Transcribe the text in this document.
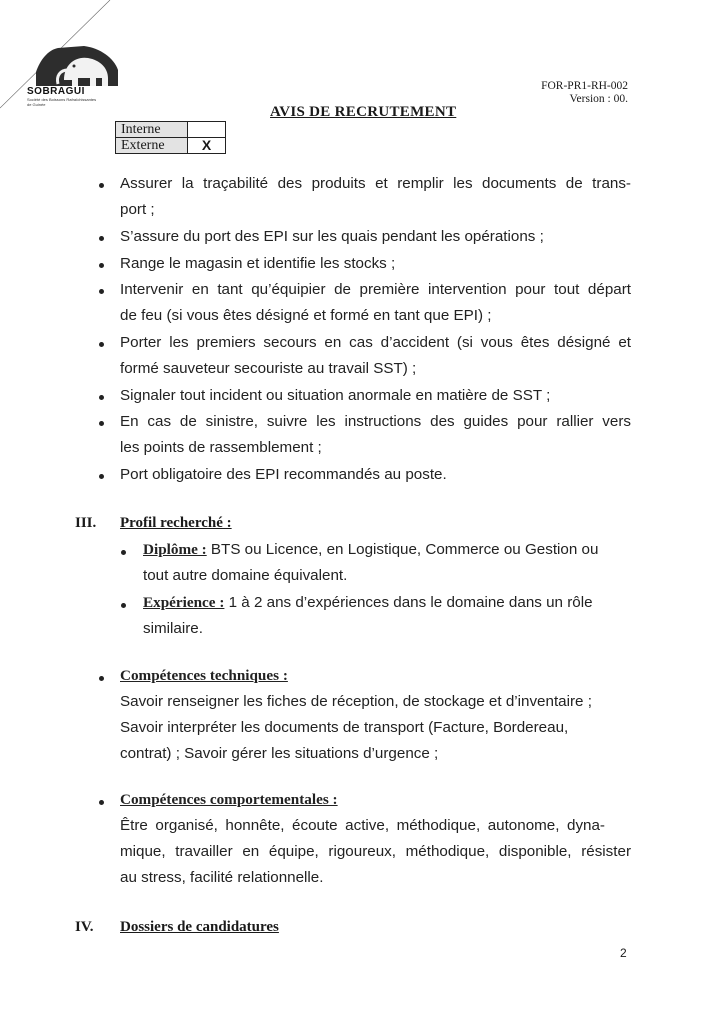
SOBRAGUI
Société des Boissons Rafraîchissantes de Guinée
FOR-PR1-RH-002
Version : 00.
AVIS DE RECRUTEMENT
Interne	
Externe	X
Assurer la traçabilité des produits et remplir les documents de trans-
port ;
S’assure du port des EPI sur les quais pendant les opérations ;
Range le magasin et identifie les stocks ;
Intervenir en tant qu’équipier de première intervention pour tout départ
de feu (si vous êtes désigné et formé en tant que EPI) ;
Porter les premiers secours en cas d’accident (si vous êtes désigné et
formé sauveteur secouriste au travail SST) ;
Signaler tout incident ou situation anormale en matière de SST ;
En cas de sinistre, suivre les instructions des guides pour rallier vers
les points de rassemblement ;
Port obligatoire des EPI recommandés au poste.
III. Profil recherché :
Diplôme : BTS ou Licence, en Logistique, Commerce ou Gestion ou
tout autre domaine équivalent.
Expérience : 1 à 2 ans d’expériences dans le domaine dans un rôle
similaire.
Compétences techniques :
Savoir renseigner les fiches de réception, de stockage et d’inventaire ;
Savoir interpréter les documents de transport (Facture, Bordereau,
contrat) ; Savoir gérer les situations d’urgence ;
Compétences comportementales :
Être organisé, honnête, écoute active, méthodique, autonome, dyna-
mique, travailler en équipe, rigoureux, méthodique, disponible, résister
au stress, facilité relationnelle.
IV. Dossiers de candidatures
2
